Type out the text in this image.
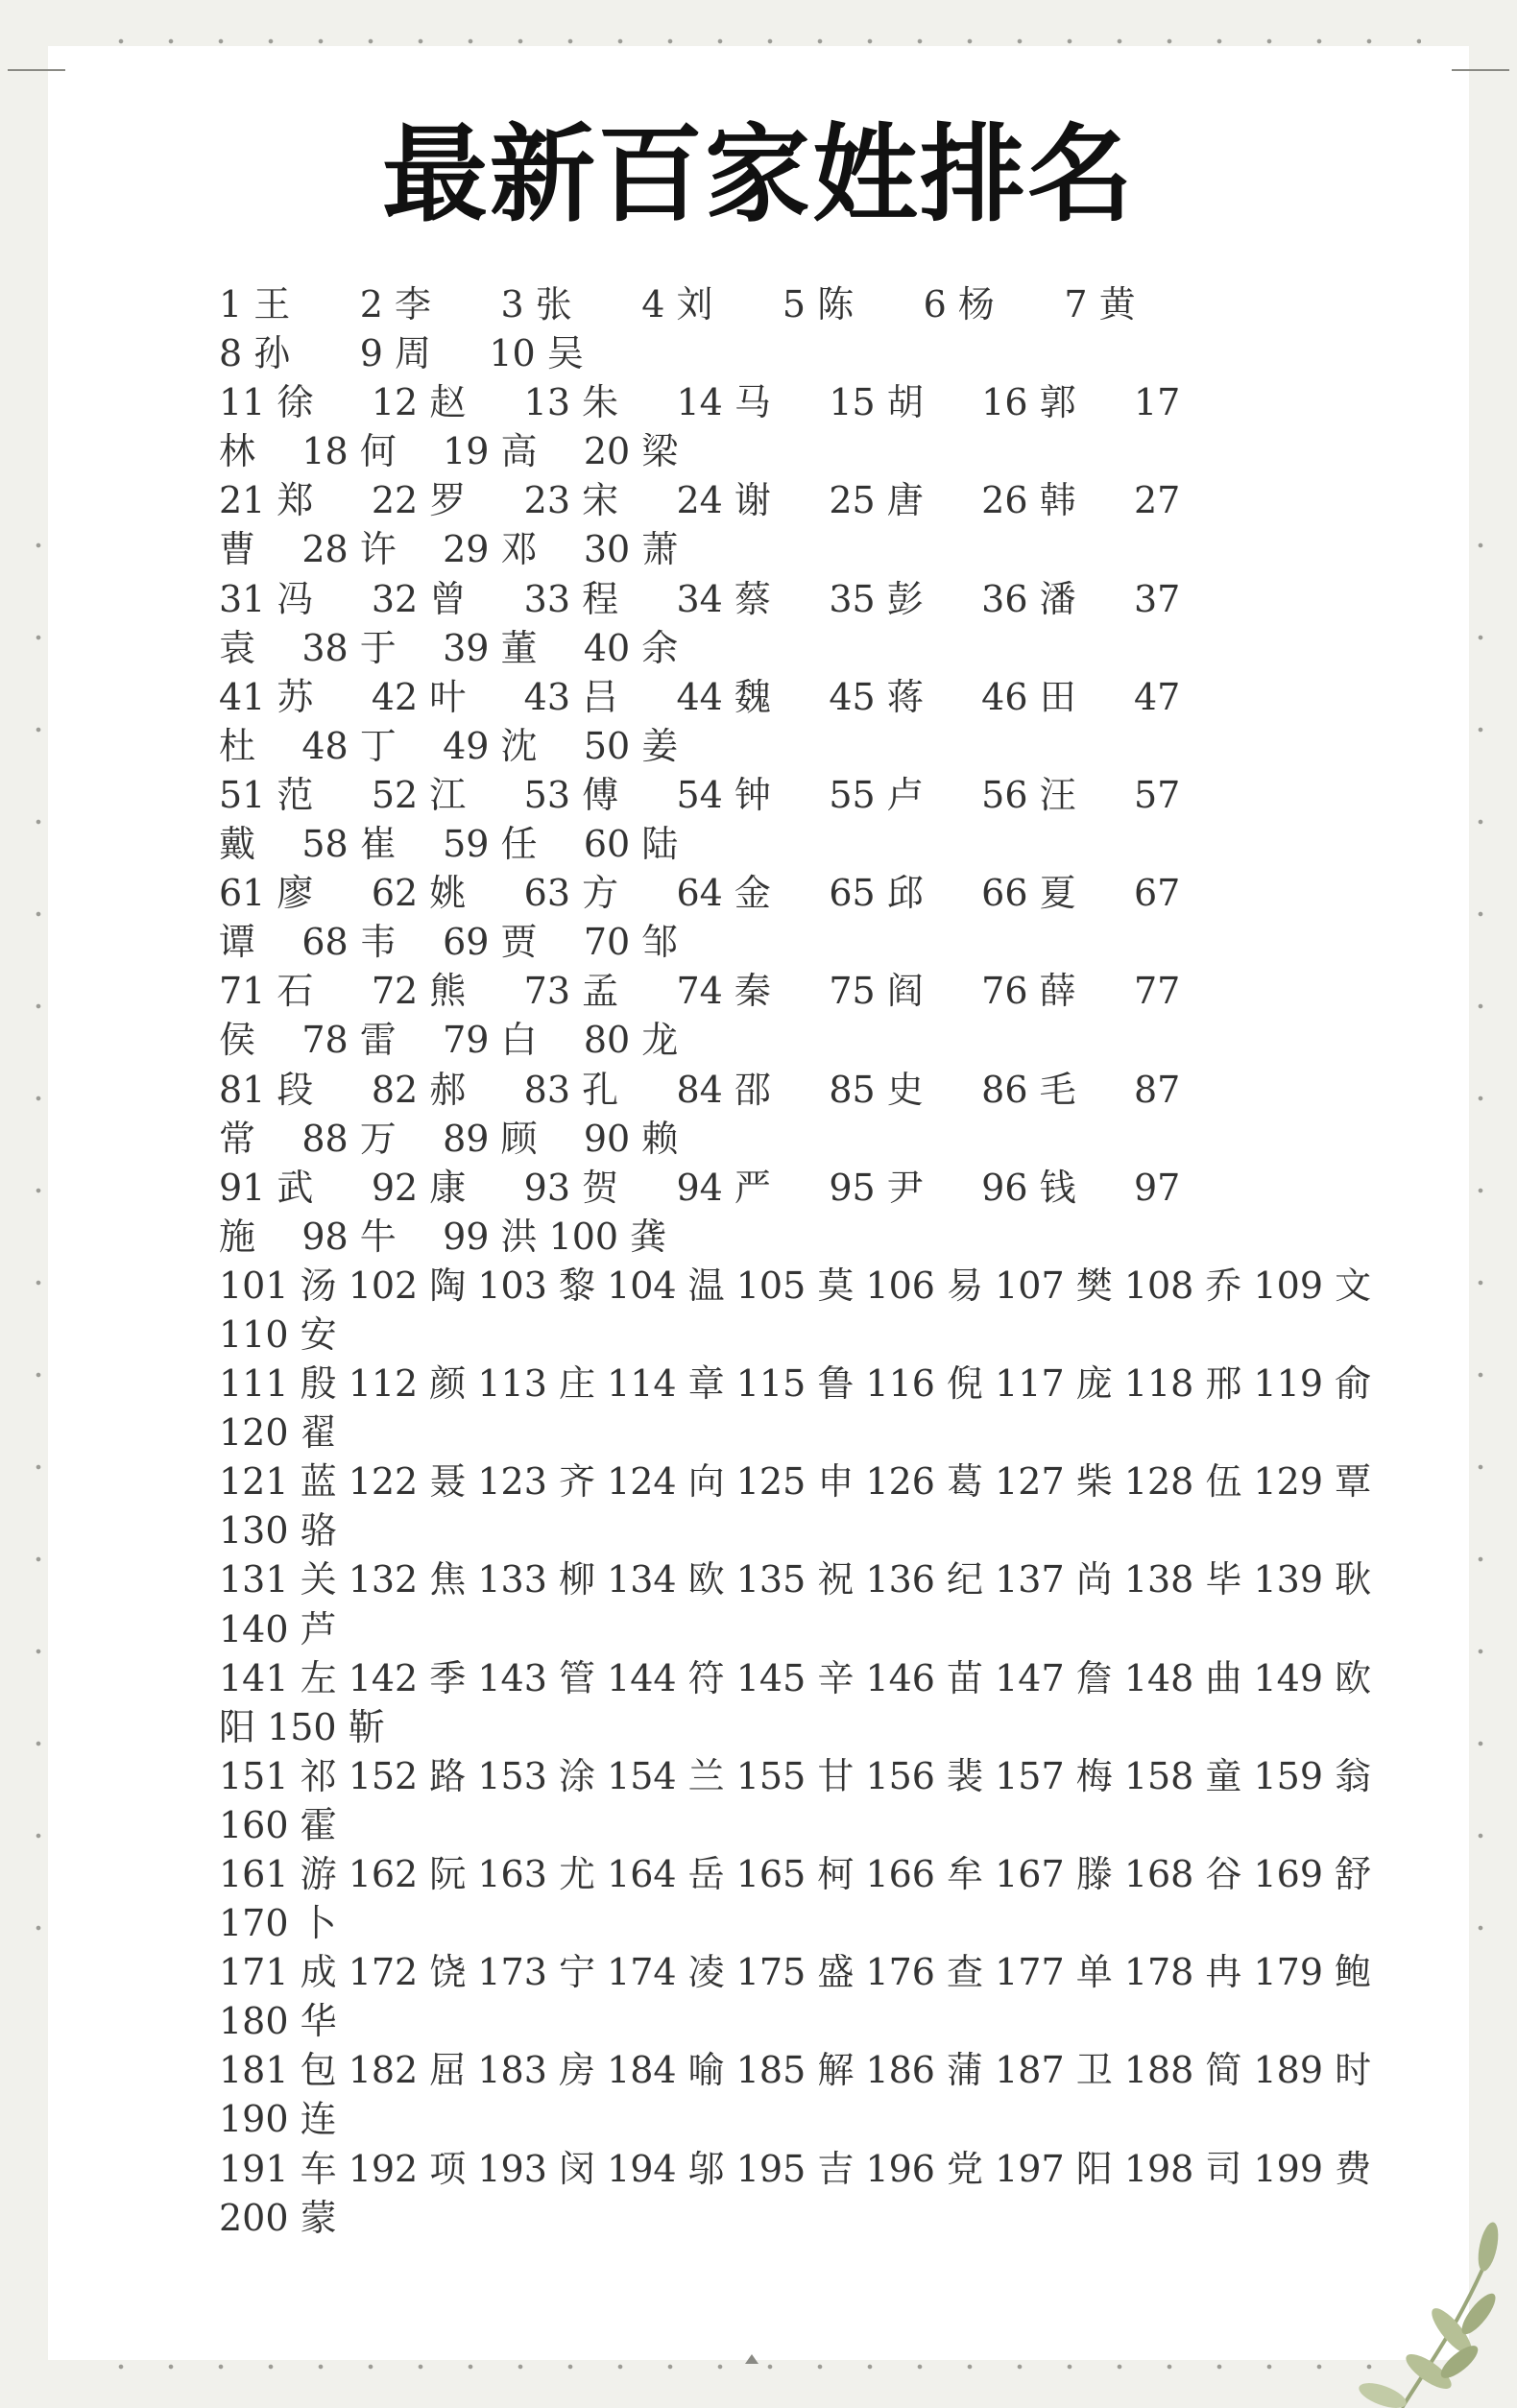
最新百家姓排名
1 王      2 李      3 张      4 刘      5 陈      6 杨      7 黄
8 孙      9 周     10 吴
11 徐     12 赵     13 朱     14 马     15 胡     16 郭     17
林    18 何    19 高    20 梁
21 郑     22 罗     23 宋     24 谢     25 唐     26 韩     27
曹    28 许    29 邓    30 萧
31 冯     32 曾     33 程     34 蔡     35 彭     36 潘     37
袁    38 于    39 董    40 余
41 苏     42 叶     43 吕     44 魏     45 蒋     46 田     47
杜    48 丁    49 沈    50 姜
51 范     52 江     53 傅     54 钟     55 卢     56 汪     57
戴    58 崔    59 任    60 陆
61 廖     62 姚     63 方     64 金     65 邱     66 夏     67
谭    68 韦    69 贾    70 邹
71 石     72 熊     73 孟     74 秦     75 阎     76 薛     77
侯    78 雷    79 白    80 龙
81 段     82 郝     83 孔     84 邵     85 史     86 毛     87
常    88 万    89 顾    90 赖
91 武     92 康     93 贺     94 严     95 尹     96 钱     97
施    98 牛    99 洪 100 龚
101 汤 102 陶 103 黎 104 温 105 莫 106 易 107 樊 108 乔 109 文
110 安
111 殷 112 颜 113 庄 114 章 115 鲁 116 倪 117 庞 118 邢 119 俞
120 翟
121 蓝 122 聂 123 齐 124 向 125 申 126 葛 127 柴 128 伍 129 覃
130 骆
131 关 132 焦 133 柳 134 欧 135 祝 136 纪 137 尚 138 毕 139 耿
140 芦
141 左 142 季 143 管 144 符 145 辛 146 苗 147 詹 148 曲 149 欧
阳 150 靳
151 祁 152 路 153 涂 154 兰 155 甘 156 裴 157 梅 158 童 159 翁
160 霍
161 游 162 阮 163 尤 164 岳 165 柯 166 牟 167 滕 168 谷 169 舒
170 卜
171 成 172 饶 173 宁 174 凌 175 盛 176 查 177 单 178 冉 179 鲍
180 华
181 包 182 屈 183 房 184 喻 185 解 186 蒲 187 卫 188 简 189 时
190 连
191 车 192 项 193 闵 194 邬 195 吉 196 党 197 阳 198 司 199 费
200 蒙
